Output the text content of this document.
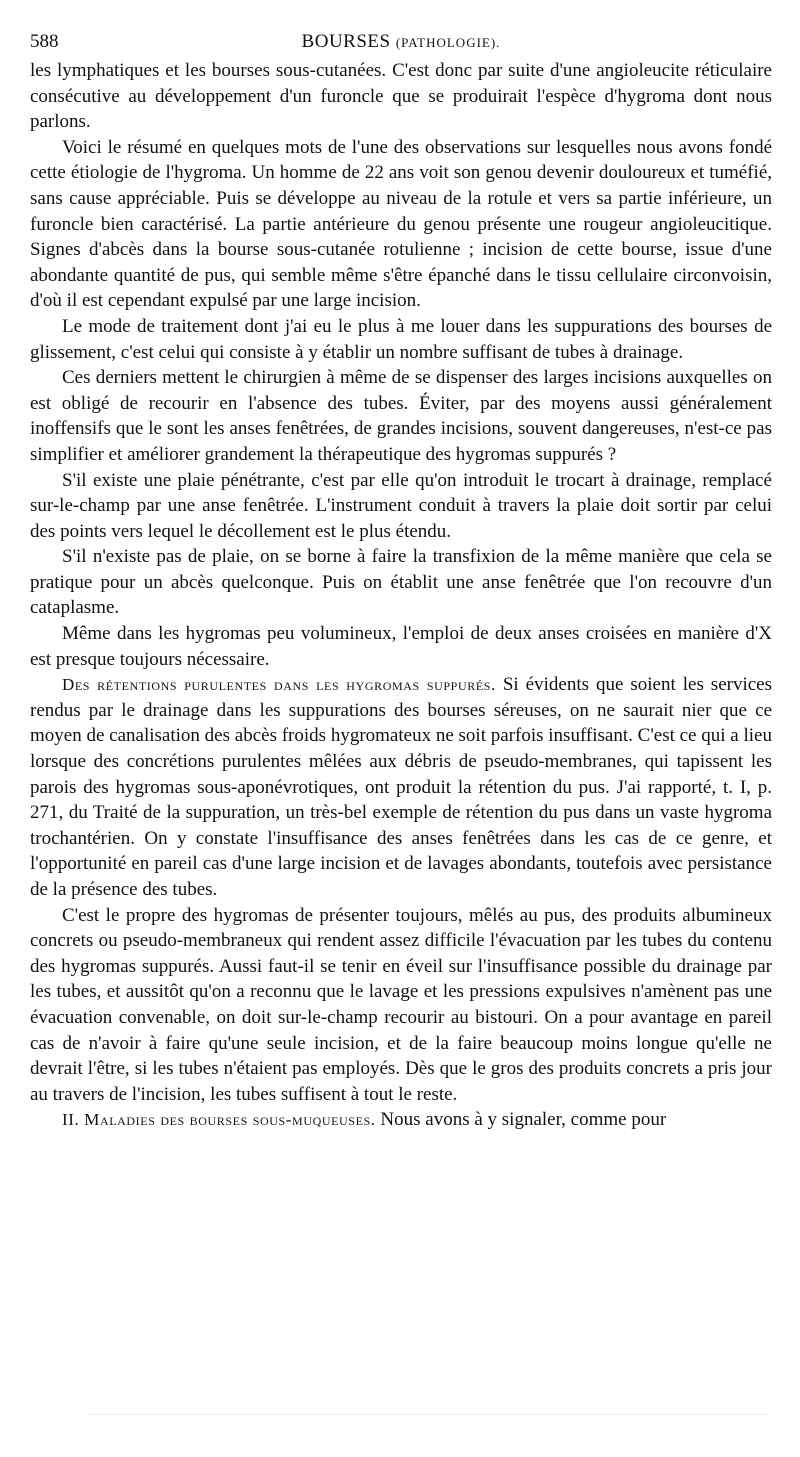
588	BOURSES (PATHOLOGIE).

les lymphatiques et les bourses sous-cutanées. C'est donc par suite d'une angioleucite réticulaire consécutive au développement d'un furoncle que se produirait l'espèce d'hygroma dont nous parlons.

Voici le résumé en quelques mots de l'une des observations sur lesquelles nous avons fondé cette étiologie de l'hygroma. Un homme de 22 ans voit son genou devenir douloureux et tuméfié, sans cause appréciable. Puis se développe au niveau de la rotule et vers sa partie inférieure, un furoncle bien caractérisé. La partie antérieure du genou présente une rougeur angioleucitique. Signes d'abcès dans la bourse sous-cutanée rotulienne ; incision de cette bourse, issue d'une abondante quantité de pus, qui semble même s'être épanché dans le tissu cellulaire circonvoisin, d'où il est cependant expulsé par une large incision.

Le mode de traitement dont j'ai eu le plus à me louer dans les suppurations des bourses de glissement, c'est celui qui consiste à y établir un nombre suffisant de tubes à drainage.

Ces derniers mettent le chirurgien à même de se dispenser des larges incisions auxquelles on est obligé de recourir en l'absence des tubes. Éviter, par des moyens aussi généralement inoffensifs que le sont les anses fenêtrées, de grandes incisions, souvent dangereuses, n'est-ce pas simplifier et améliorer grandement la thérapeutique des hygromas suppurés ?

S'il existe une plaie pénétrante, c'est par elle qu'on introduit le trocart à drainage, remplacé sur-le-champ par une anse fenêtrée. L'instrument conduit à travers la plaie doit sortir par celui des points vers lequel le décollement est le plus étendu.

S'il n'existe pas de plaie, on se borne à faire la transfixion de la même manière que cela se pratique pour un abcès quelconque. Puis on établit une anse fenêtrée que l'on recouvre d'un cataplasme.

Même dans les hygromas peu volumineux, l'emploi de deux anses croisées en manière d'X est presque toujours nécessaire.

Des rétentions purulentes dans les hygromas suppurés. Si évidents que soient les services rendus par le drainage dans les suppurations des bourses séreuses, on ne saurait nier que ce moyen de canalisation des abcès froids hygromateux ne soit parfois insuffisant. C'est ce qui a lieu lorsque des concrétions purulentes mêlées aux débris de pseudo-membranes, qui tapissent les parois des hygromas sous-aponévrotiques, ont produit la rétention du pus. J'ai rapporté, t. I, p. 271, du Traité de la suppuration, un très-bel exemple de rétention du pus dans un vaste hygroma trochantérien. On y constate l'insuffisance des anses fenêtrées dans les cas de ce genre, et l'opportunité en pareil cas d'une large incision et de lavages abondants, toutefois avec persistance de la présence des tubes.

C'est le propre des hygromas de présenter toujours, mêlés au pus, des produits albumineux concrets ou pseudo-membraneux qui rendent assez difficile l'évacuation par les tubes du contenu des hygromas suppurés. Aussi faut-il se tenir en éveil sur l'insuffisance possible du drainage par les tubes, et aussitôt qu'on a reconnu que le lavage et les pressions expulsives n'amènent pas une évacuation convenable, on doit sur-le-champ recourir au bistouri. On a pour avantage en pareil cas de n'avoir à faire qu'une seule incision, et de la faire beaucoup moins longue qu'elle ne devrait l'être, si les tubes n'étaient pas employés. Dès que le gros des produits concrets a pris jour au travers de l'incision, les tubes suffisent à tout le reste.

II. Maladies des bourses sous-muqueuses. Nous avons à y signaler, comme pour
